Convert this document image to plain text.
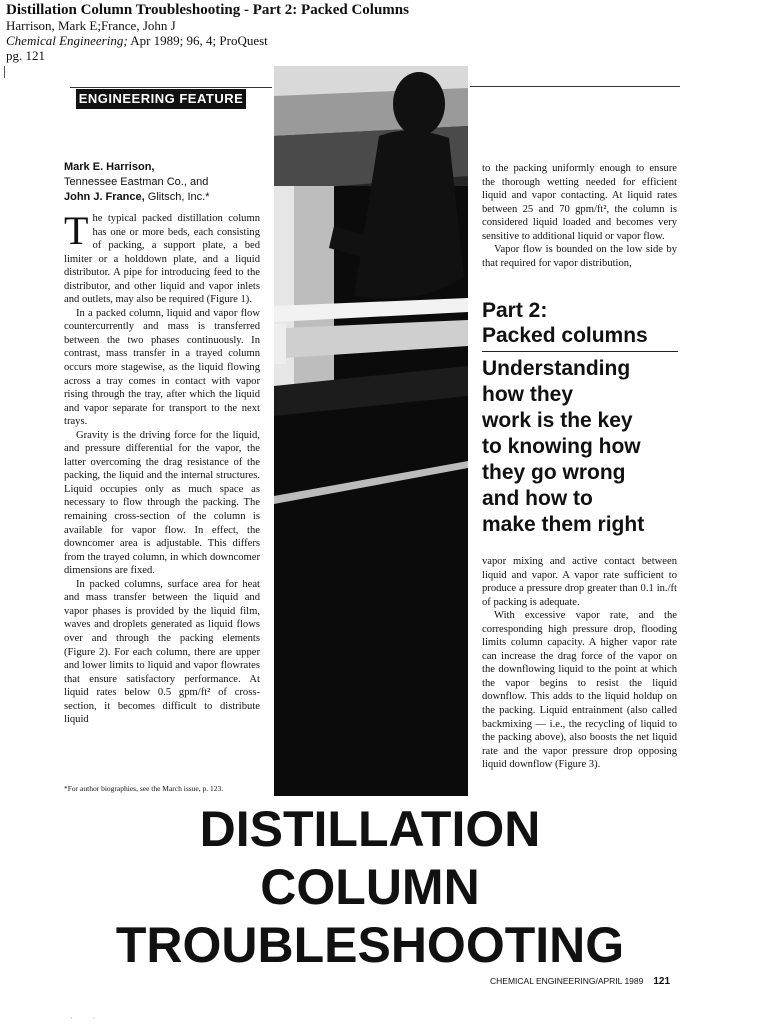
Distillation Column Troubleshooting - Part 2: Packed Columns
Harrison, Mark E;France, John J
Chemical Engineering; Apr 1989; 96, 4; ProQuest
pg. 121
ENGINEERING FEATURE
Mark E. Harrison,
Tennessee Eastman Co., and
John J. France, Glitsch, Inc.*

The typical packed distillation column has one or more beds, each consisting of packing, a support plate, a bed limiter or a holddown plate, and a liquid distributor. A pipe for introducing feed to the distributor, and other liquid and vapor inlets and outlets, may also be required (Figure 1).

In a packed column, liquid and vapor flow countercurrently and mass is transferred between the two phases continuously. In contrast, mass transfer in a trayed column occurs more stagewise, as the liquid flowing across a tray comes in contact with vapor rising through the tray, after which the liquid and vapor separate for transport to the next trays.

Gravity is the driving force for the liquid, and pressure differential for the vapor, the latter overcoming the drag resistance of the packing, the liquid and the internal structures. Liquid occupies only as much space as necessary to flow through the packing. The remaining cross-section of the column is available for vapor flow. In effect, the downcomer area is adjustable. This differs from the trayed column, in which downcomer dimensions are fixed.

In packed columns, surface area for heat and mass transfer between the liquid and vapor phases is provided by the liquid film, waves and droplets generated as liquid flows over and through the packing elements (Figure 2). For each column, there are upper and lower limits to liquid and vapor flowrates that ensure satisfactory performance. At liquid rates below 0.5 gpm/ft² of cross-section, it becomes difficult to distribute liquid

*For author biographies, see the March issue, p. 123.

to the packing uniformly enough to ensure the thorough wetting needed for efficient liquid and vapor contacting. At liquid rates between 25 and 70 gpm/ft², the column is considered liquid loaded and becomes very sensitive to additional liquid or vapor flow.

Vapor flow is bounded on the low side by that required for vapor distribution,

Part 2:
Packed columns
Understanding
how they
work is the key
to knowing how
they go wrong
and how to
make them right

vapor mixing and active contact between liquid and vapor. A vapor rate sufficient to produce a pressure drop greater than 0.1 in./ft of packing is adequate.

With excessive vapor rate, and the corresponding high pressure drop, flooding limits column capacity. A higher vapor rate can increase the drag force of the vapor on the downflowing liquid to the point at which the vapor begins to resist the liquid downflow. This adds to the liquid holdup on the packing. Liquid entrainment (also called backmixing — i.e., the recycling of liquid to the packing above), also boosts the net liquid rate and the vapor pressure drop opposing liquid downflow (Figure 3).

DISTILLATION
COLUMN
TROUBLESHOOTING
CHEMICAL ENGINEERING/APRIL 1989 121
·          ·
